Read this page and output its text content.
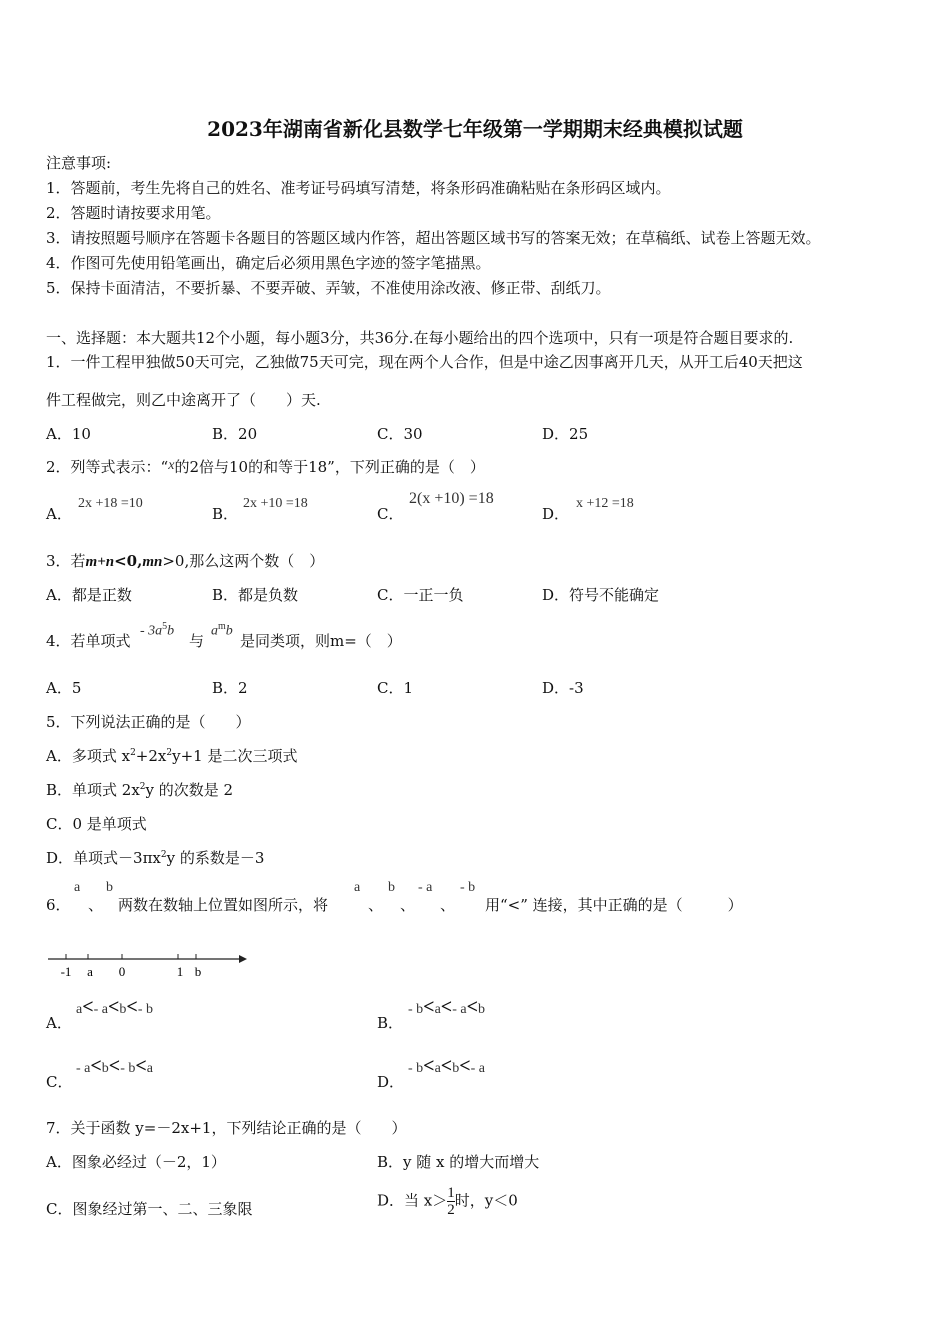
2023年湖南省新化县数学七年级第一学期期末经典模拟试题
注意事项:
1．答题前，考生先将自己的姓名、准考证号码填写清楚，将条形码准确粘贴在条形码区域内。
2．答题时请按要求用笔。
3．请按照题号顺序在答题卡各题目的答题区域内作答，超出答题区域书写的答案无效；在草稿纸、试卷上答题无效。
4．作图可先使用铅笔画出，确定后必须用黑色字迹的签字笔描黑。
5．保持卡面清洁，不要折暴、不要弄破、弄皱，不准使用涂改液、修正带、刮纸刀。
一、选择题：本大题共12个小题，每小题3分，共36分.在每小题给出的四个选项中，只有一项是符合题目要求的.
1．一件工程甲独做50天可完，乙独做75天可完，现在两个人合作，但是中途乙因事离开几天，从开工后40天把这
件工程做完，则乙中途离开了（　　）天.
A．10	B．20	C．30	D．25
2．列等式表示：“x的2倍与10的和等于18”，下列正确的是（　）
A．
2x +18 =10
B．
2x +10 =18
C．
2(x +10) =18
D．
x +12 =18
3．若m+n<0,mn>0,那么这两个数（　）
A．都是正数	B．都是负数	C．一正一负	D．符号不能确定
4．若单项式
- $3a^5b$
与
$a^mb$
是同类项，则m=（　）
A．5	B．2	C．1	D．-3
5．下列说法正确的是（　　）
A．多项式 $x^2+2x^2y+1$ 是二次三项式
B．单项式 $2x^2y$ 的次数是 2
C．0 是单项式
D．单项式$-3\pi x^2y$ 的系数是－3
6．
a
、
b
两数在数轴上位置如图所示，将
a
、
b
、
- a
、
- b
用“<” 连接，其中正确的是（　　　）
-1 a 0	1 b
A．
a<- a<b<- b
B．
- b<a<- a<b
C．
- a<b<- b<a
D．
- b<a<b<- a
7．关于函数 y=－2x+1，下列结论正确的是（　　）
A．图象必经过（－2，1）	B．y 随 x 的增大而增大
C．图象经过第一、二、三象限	D．当 $x> \frac{1}{2}$ 时，y＜0
